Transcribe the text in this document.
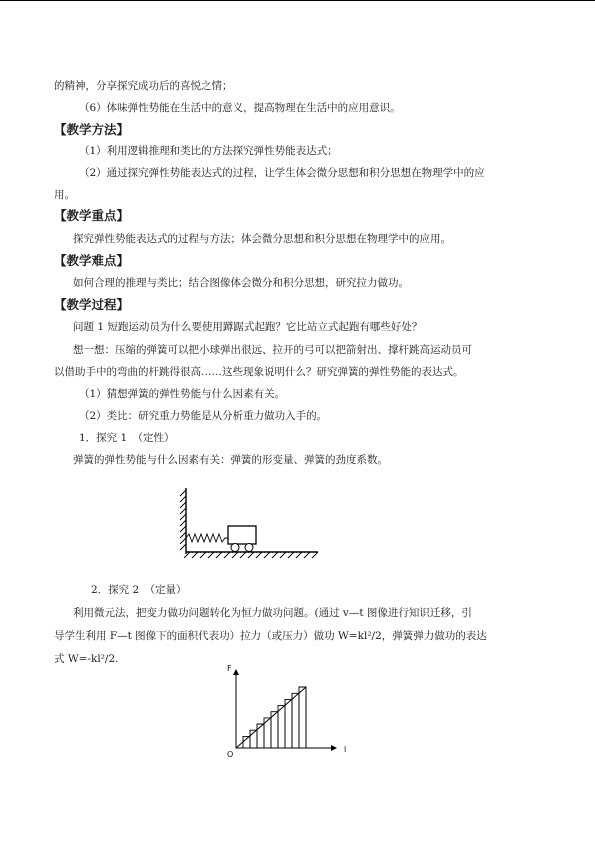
的精神，分享探究成功后的喜悦之情；
（6）体味弹性势能在生活中的意义，提高物理在生活中的应用意识。
【教学方法】
（1）利用逻辑推理和类比的方法探究弹性势能表达式；
（2）通过探究弹性势能表达式的过程，让学生体会微分思想和积分思想在物理学中的应
用。
【教学重点】
探究弹性势能表达式的过程与方法；体会微分思想和积分思想在物理学中的应用。
【教学难点】
如何合理的推理与类比；结合图像体会微分和积分思想，研究拉力做功。
【教学过程】
问题 1 短跑运动员为什么要使用蹲踞式起跑？它比站立式起跑有哪些好处？
想一想：压缩的弹簧可以把小球弹出很远、拉开的弓可以把箭射出、撑杆跳高运动员可
以借助手中的弯曲的杆跳得很高……这些现象说明什么？研究弹簧的弹性势能的表达式。
（1）猜想弹簧的弹性势能与什么因素有关。
（2）类比：研究重力势能是从分析重力做功入手的。
1．探究 1　（定性）
弹簧的弹性势能与什么因素有关：弹簧的形变量、弹簧的劲度系数。
2．探究 2　（定量）
利用微元法，把变力做功问题转化为恒力做功问题。(通过 v—t 图像进行知识迁移，引
导学生利用 F—t 图像下的面积代表功）拉力（或压力）做功 W=kl²/2，弹簧弹力做功的表达
式 W=-kl²/2.
F
l
O
